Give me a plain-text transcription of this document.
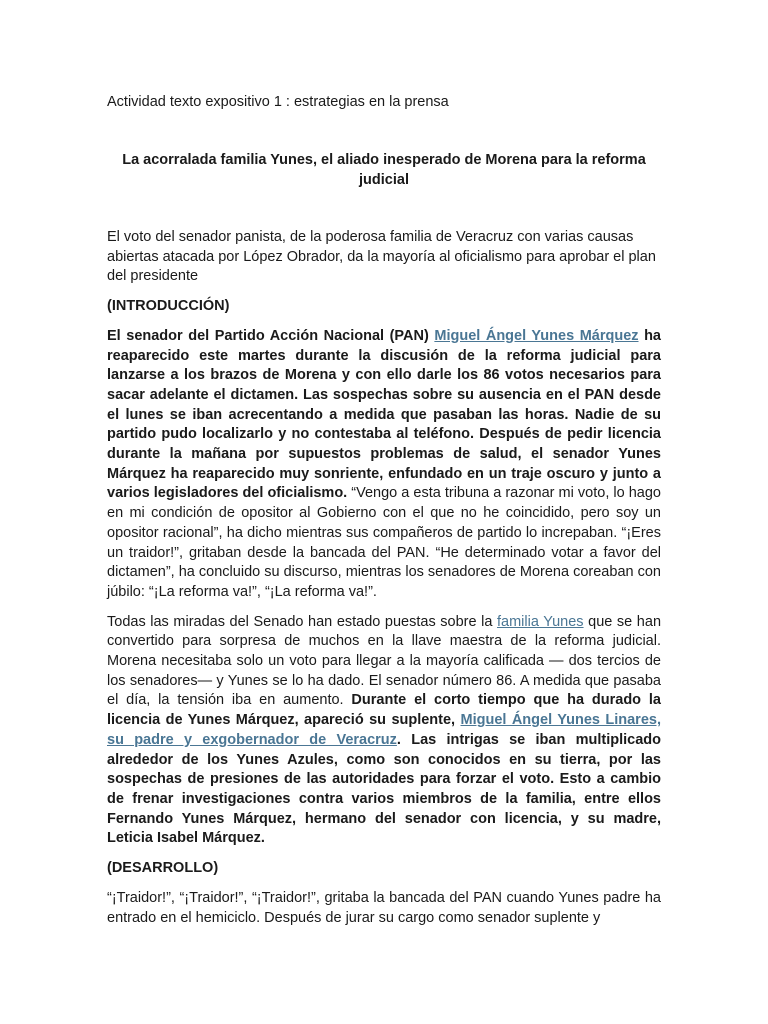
Actividad texto expositivo 1 : estrategias en la prensa
La acorralada familia Yunes, el aliado inesperado de Morena para la reforma judicial

El voto del senador panista, de la poderosa familia de Veracruz con varias causas abiertas atacada por López Obrador, da la mayoría al oficialismo para aprobar el plan del presidente

(INTRODUCCIÓN)

El senador del Partido Acción Nacional (PAN) Miguel Ángel Yunes Márquez ha reaparecido este martes durante la discusión de la reforma judicial para lanzarse a los brazos de Morena y con ello darle los 86 votos necesarios para sacar adelante el dictamen. Las sospechas sobre su ausencia en el PAN desde el lunes se iban acrecentando a medida que pasaban las horas. Nadie de su partido pudo localizarlo y no contestaba al teléfono. Después de pedir licencia durante la mañana por supuestos problemas de salud, el senador Yunes Márquez ha reaparecido muy sonriente, enfundado en un traje oscuro y junto a varios legisladores del oficialismo. “Vengo a esta tribuna a razonar mi voto, lo hago en mi condición de opositor al Gobierno con el que no he coincidido, pero soy un opositor racional”, ha dicho mientras sus compañeros de partido lo increpaban. “¡Eres un traidor!”, gritaban desde la bancada del PAN. “He determinado votar a favor del dictamen”, ha concluido su discurso, mientras los senadores de Morena coreaban con júbilo: “¡La reforma va!”, “¡La reforma va!”.

Todas las miradas del Senado han estado puestas sobre la familia Yunes que se han convertido para sorpresa de muchos en la llave maestra de la reforma judicial. Morena necesitaba solo un voto para llegar a la mayoría calificada — dos tercios de los senadores— y Yunes se lo ha dado. El senador número 86. A medida que pasaba el día, la tensión iba en aumento. Durante el corto tiempo que ha durado la licencia de Yunes Márquez, apareció su suplente, Miguel Ángel Yunes Linares, su padre y exgobernador de Veracruz. Las intrigas se iban multiplicado alrededor de los Yunes Azules, como son conocidos en su tierra, por las sospechas de presiones de las autoridades para forzar el voto. Esto a cambio de frenar investigaciones contra varios miembros de la familia, entre ellos Fernando Yunes Márquez, hermano del senador con licencia, y su madre, Leticia Isabel Márquez.

(DESARROLLO)

“¡Traidor!”, “¡Traidor!”, “¡Traidor!”, gritaba la bancada del PAN cuando Yunes padre ha entrado en el hemiciclo. Después de jurar su cargo como senador suplente y
